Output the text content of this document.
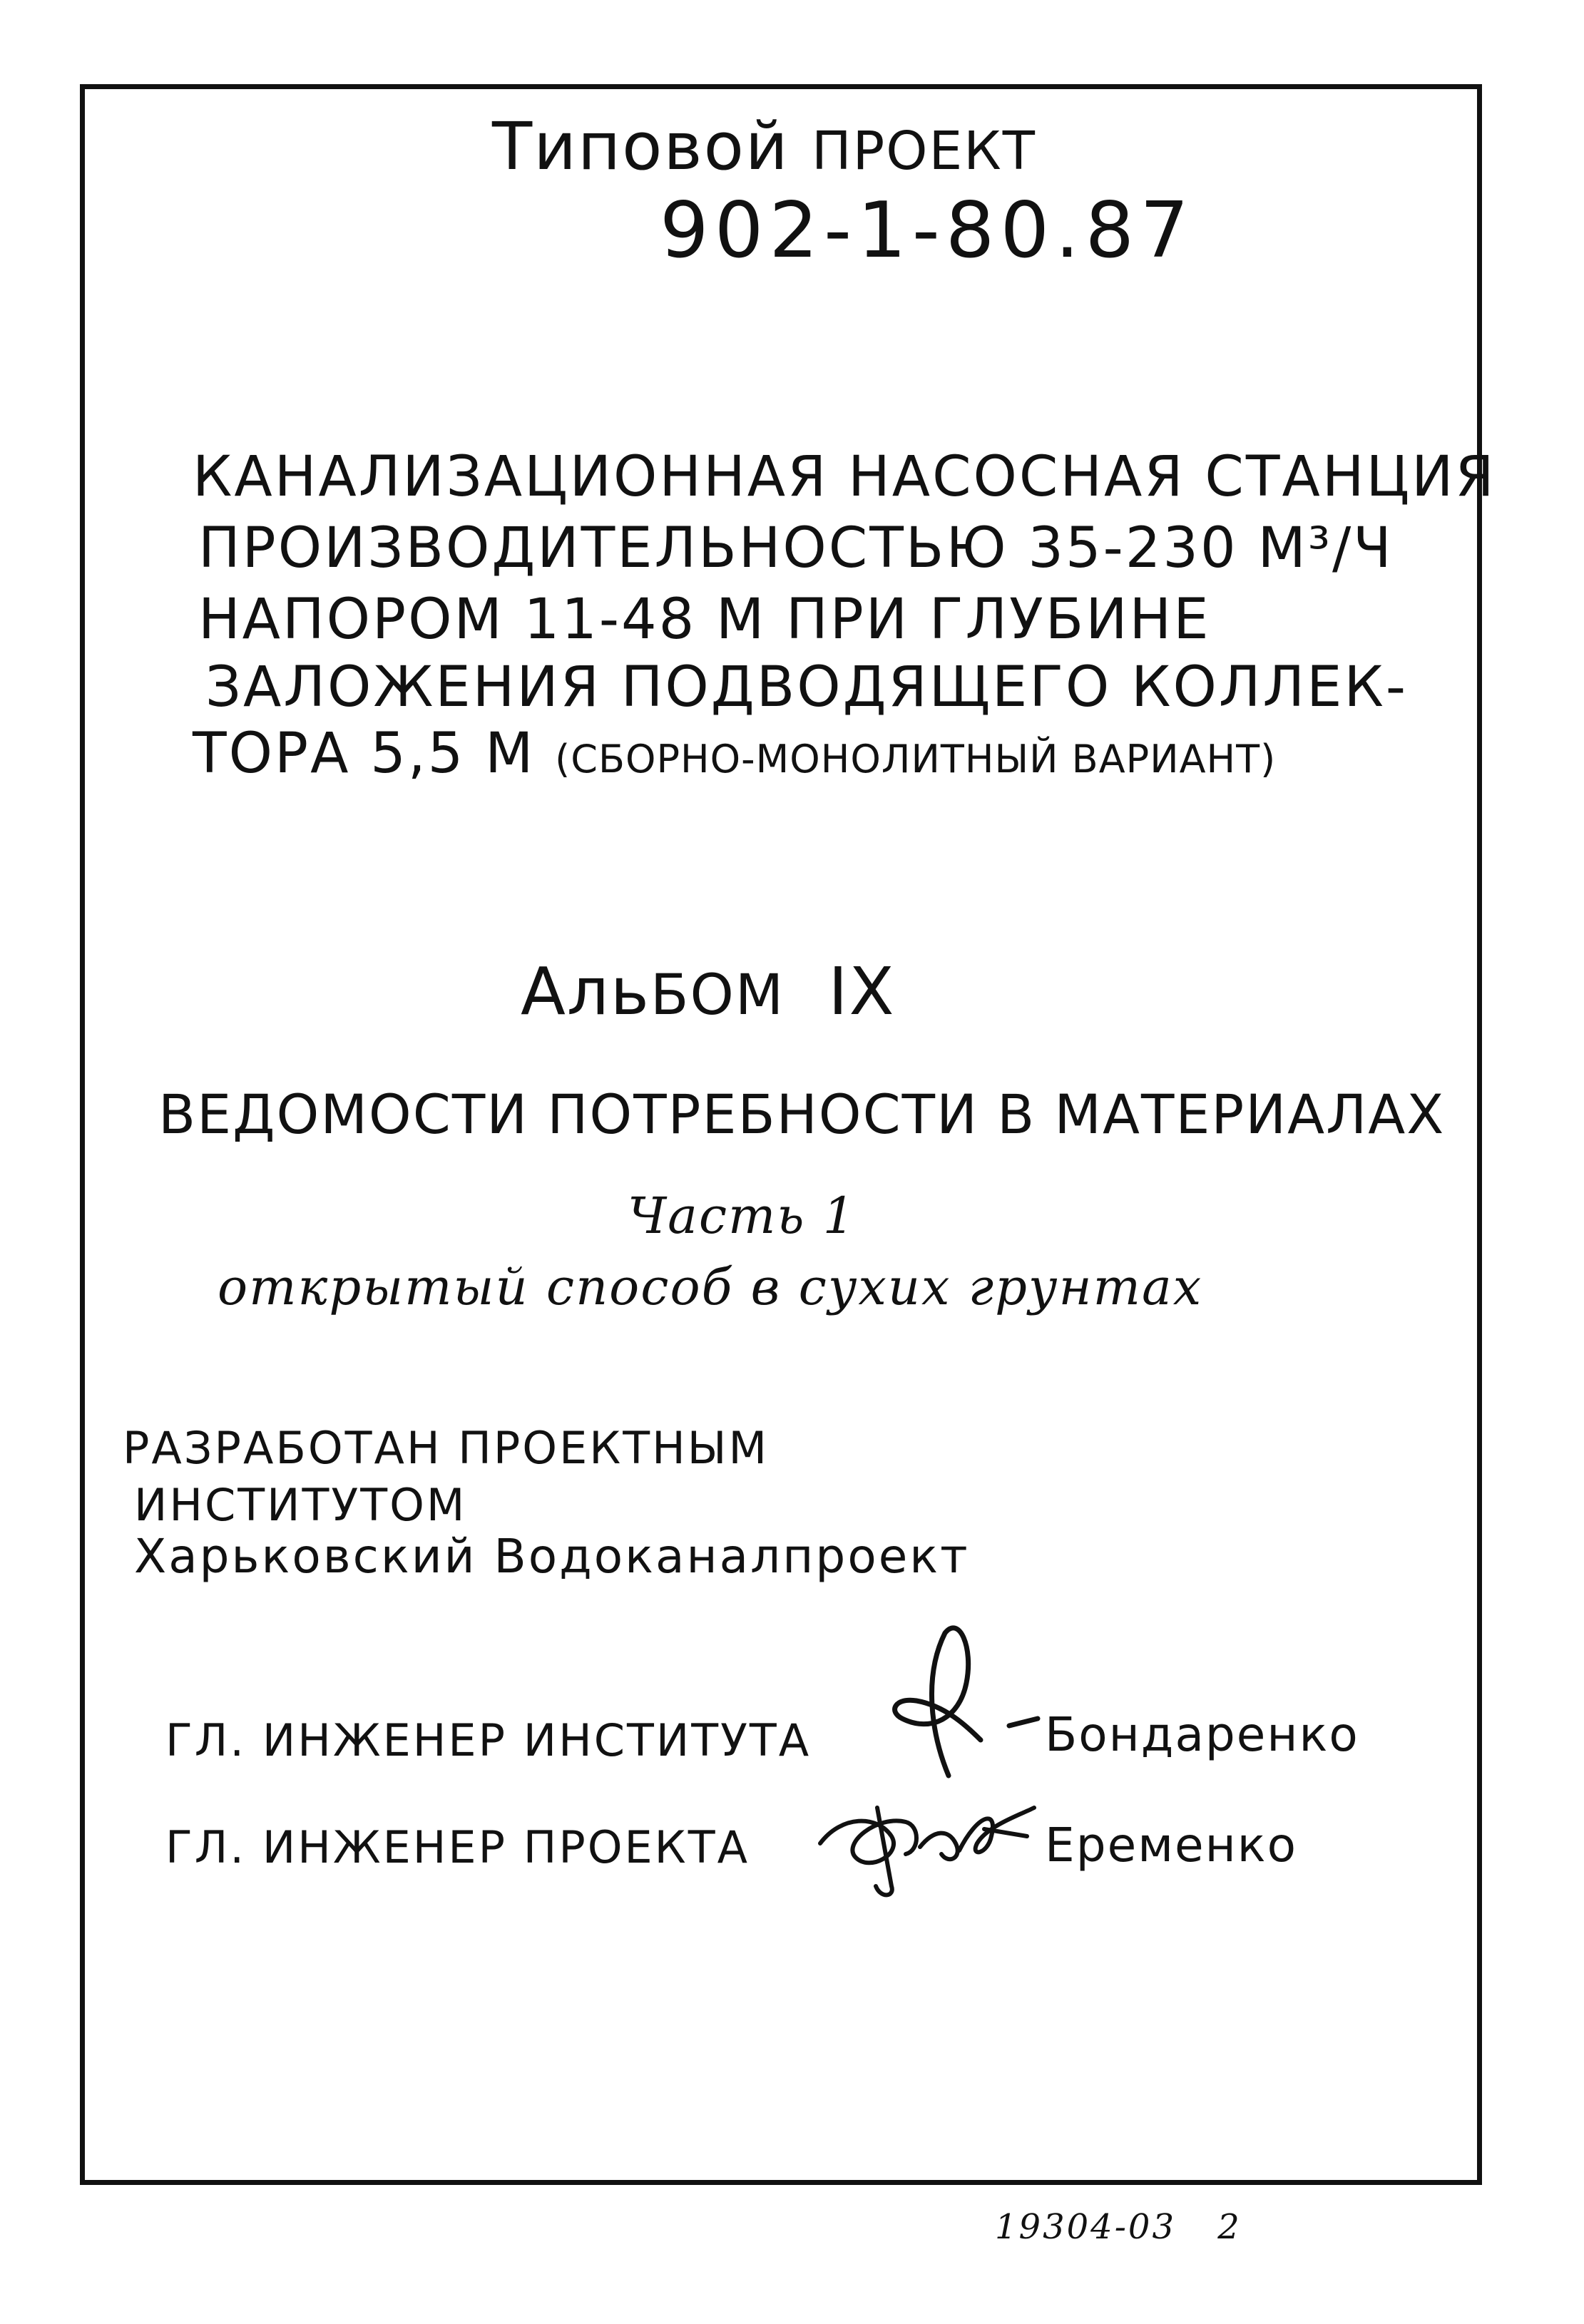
Типовой ПРОЕКТ
902-1-80.87
КАНАЛИЗАЦИОННАЯ НАСОСНАЯ СТАНЦИЯ
ПРОИЗВОДИТЕЛЬНОСТЬЮ 35-230 М³/Ч
НАПОРОМ 11-48 М ПРИ ГЛУБИНЕ
ЗАЛОЖЕНИЯ ПОДВОДЯЩЕГО КОЛЛЕК-
ТОРА 5,5 М (СБОРНО-МОНОЛИТНЫЙ ВАРИАНТ)
АльБОМ IX
ВЕДОМОСТИ ПОТРЕБНОСТИ В МАТЕРИАЛАХ
Часть 1
открытый способ в сухих грунтах
РАЗРАБОТАН ПРОЕКТНЫМ
ИНСТИТУТОМ
Харьковский Водоканалпроект
ГЛ. ИНЖЕНЕР ИНСТИТУТА	Бондаренко
ГЛ. ИНЖЕНЕР ПРОЕКТА	Еременко
19304-03 2
